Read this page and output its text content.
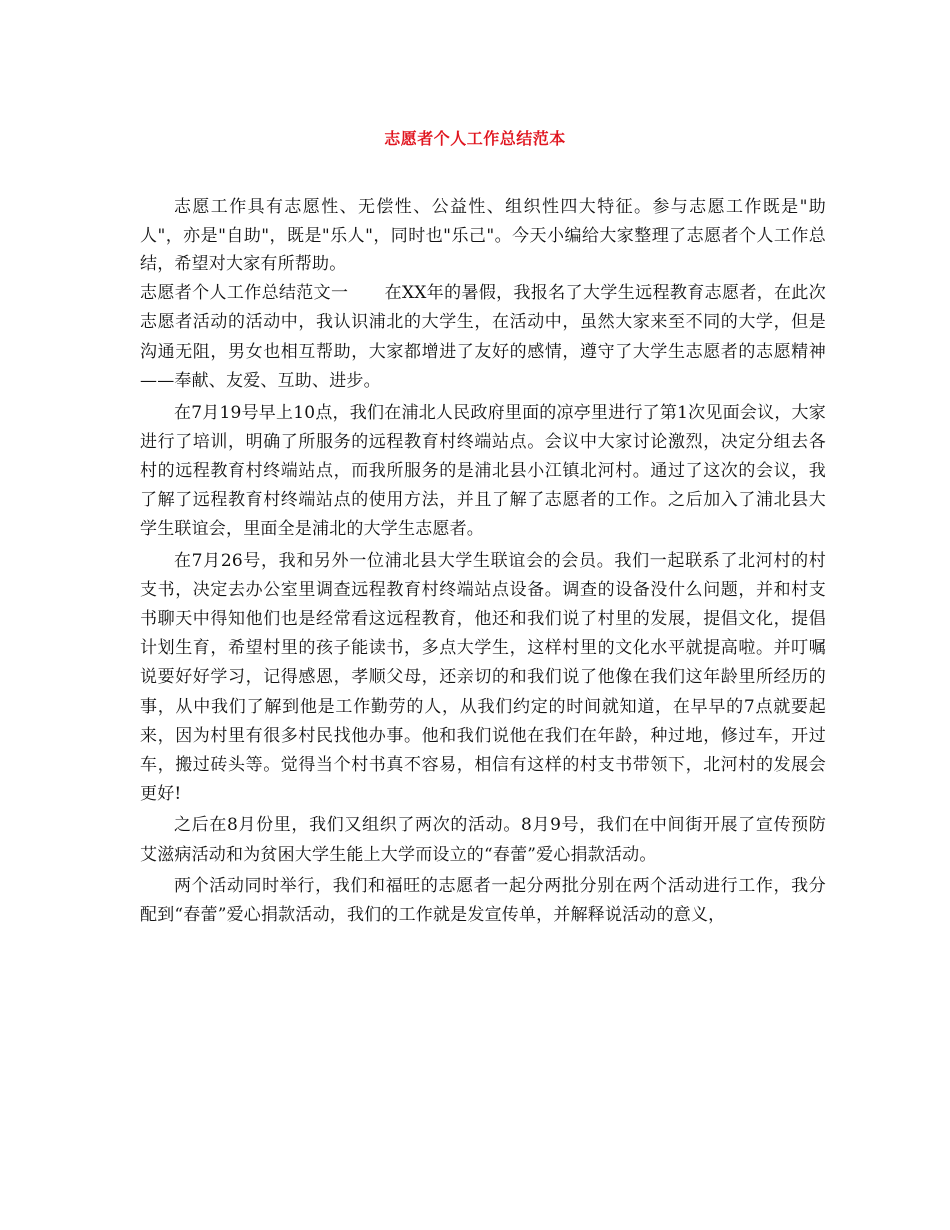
志愿者个人工作总结范本

志愿工作具有志愿性、无偿性、公益性、组织性四大特征。参与志愿工作既是"助人"，亦是"自助"，既是"乐人"，同时也"乐己"。今天小编给大家整理了志愿者个人工作总结，希望对大家有所帮助。

志愿者个人工作总结范文一 在XX年的暑假，我报名了大学生远程教育志愿者，在此次志愿者活动的活动中，我认识浦北的大学生，在活动中，虽然大家来至不同的大学，但是沟通无阻，男女也相互帮助，大家都增进了友好的感情，遵守了大学生志愿者的志愿精神——奉献、友爱、互助、进步。

在7月19号早上10点，我们在浦北人民政府里面的凉亭里进行了第1次见面会议，大家进行了培训，明确了所服务的远程教育村终端站点。会议中大家讨论激烈，决定分组去各村的远程教育村终端站点，而我所服务的是浦北县小江镇北河村。通过了这次的会议，我了解了远程教育村终端站点的使用方法，并且了解了志愿者的工作。之后加入了浦北县大学生联谊会，里面全是浦北的大学生志愿者。

在7月26号，我和另外一位浦北县大学生联谊会的会员。我们一起联系了北河村的村支书，决定去办公室里调查远程教育村终端站点设备。调查的设备没什么问题，并和村支书聊天中得知他们也是经常看这远程教育，他还和我们说了村里的发展，提倡文化，提倡计划生育，希望村里的孩子能读书，多点大学生，这样村里的文化水平就提高啦。并叮嘱说要好好学习，记得感恩，孝顺父母，还亲切的和我们说了他像在我们这年龄里所经历的事，从中我们了解到他是工作勤劳的人，从我们约定的时间就知道，在早早的7点就要起来，因为村里有很多村民找他办事。他和我们说他在我们在年龄，种过地，修过车，开过车，搬过砖头等。觉得当个村书真不容易，相信有这样的村支书带领下，北河村的发展会更好!

之后在8月份里，我们又组织了两次的活动。8月9号，我们在中间街开展了宣传预防艾滋病活动和为贫困大学生能上大学而设立的“春蕾”爱心捐款活动。

两个活动同时举行，我们和福旺的志愿者一起分两批分别在两个活动进行工作，我分配到“春蕾”爱心捐款活动，我们的工作就是发宣传单，并解释说活动的意义，
